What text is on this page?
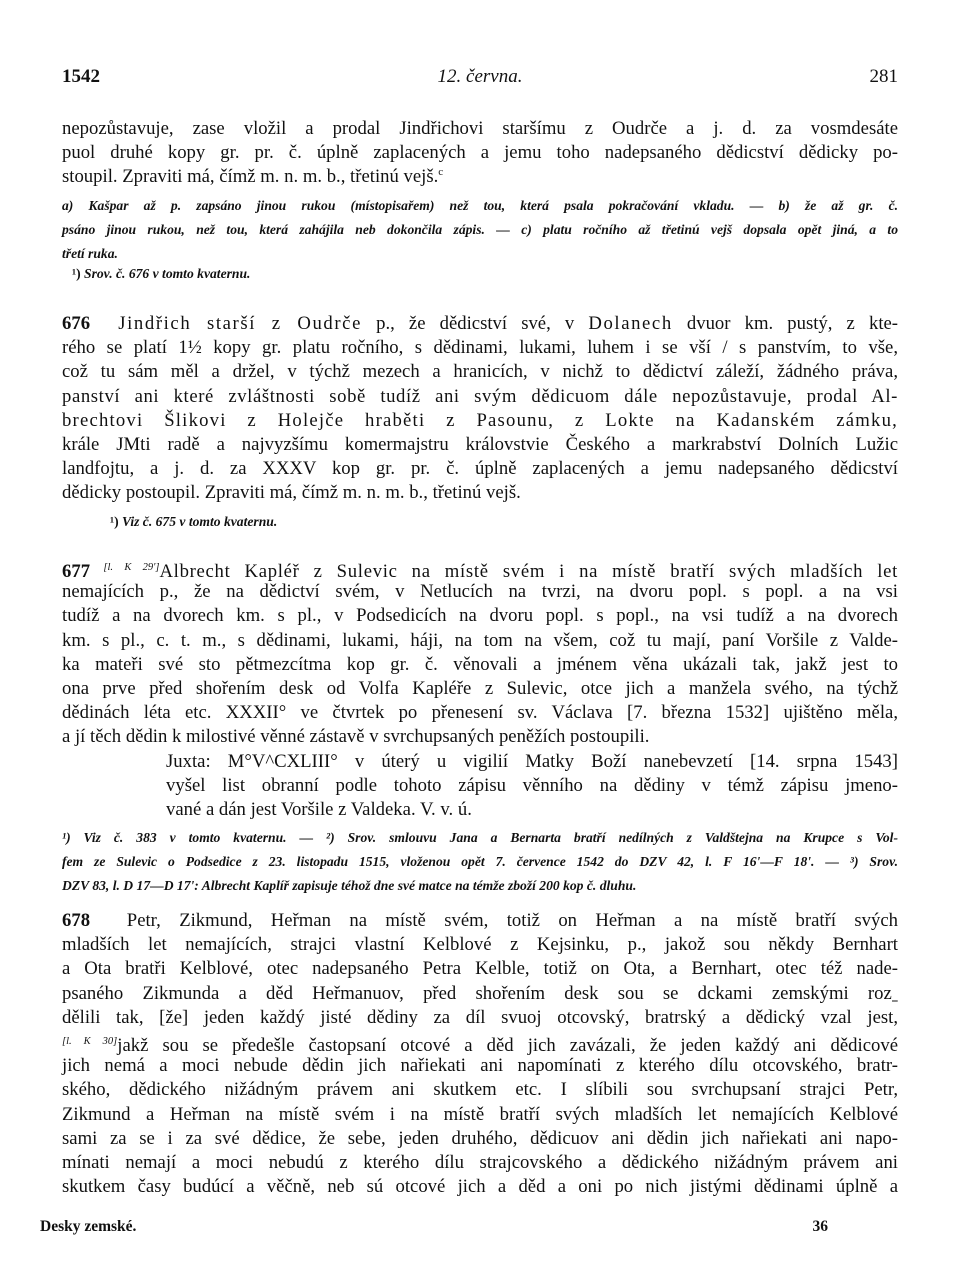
1542	12. června.	281
nepozůstavuje, zase vložil a prodal Jindřichovi staršímu z Oudrče a j. d. za vosmdesáte
puol druhé kopy gr. pr. č. úplně zaplacených a jemu toho nadepsaného dědicství dědicky po-
stoupil. Zpraviti má, čímž m. n. m. b., třetinú vejš.$^c$
a) Kašpar až p. zapsáno jinou rukou (místopisařem) než tou, která psala pokračování vkladu. — b) že až gr. č.
psáno jinou rukou, než tou, která zahájila neb dokončila zápis. — c) platu ročního až třetinú vejš dopsala opět jiná, a to
třetí ruka.
¹) Srov. č. 676 v tomto kvaternu.
676 Jindřich starší z Oudrče p., že dědicství své, v Dolanech dvuor km. pustý, z kte-
rého se platí 1½ kopy gr. platu ročního, s dědinami, lukami, luhem i se vší / s panstvím, to vše,
což tu sám měl a držel, v týchž mezech a hranicích, v nichž to dědictví záleží, žádného práva,
panství ani které zvláštnosti sobě tudíž ani svým dědicuom dále nepozůstavuje, prodal Al-
brechtovi Šlikovi z Holejče hraběti z Pasounu, z Lokte na Kadanském zámku,
krále JMti radě a najvyzšímu komermajstru královstvie Českého a markrabství Dolních Lužic
landfojtu, a j. d. za XXXV kop gr. pr. č. úplně zaplacených a jemu nadepsaného dědicství
dědicky postoupil. Zpraviti má, čímž m. n. m. b., třetinú vejš.
¹) Viz č. 675 v tomto kvaternu.
677 [l. K 29']Albrecht Kapléř z Sulevic na místě svém i na místě bratří svých mladších let
nemajících p., že na dědictví svém, v Netlucích na tvrzi, na dvoru popl. s popl. a na vsi
tudíž a na dvorech km. s pl., v Podsedicích na dvoru popl. s popl., na vsi tudíž a na dvorech
km. s pl., c. t. m., s dědinami, lukami, háji, na tom na všem, což tu mají, paní Voršile z Valde-
ka mateři své sto pětmezcítma kop gr. č. věnovali a jménem věna ukázali tak, jakž jest to
ona prve před shořením desk od Volfa Kapléře z Sulevic, otce jich a manžela svého, na týchž
dědinách léta etc. XXXII° ve čtvrtek po přenesení sv. Václava [7. března 1532] ujištěno měla,
a jí těch dědin k milostivé věnné zástavě v svrchupsaných peněžích postoupili.
Juxta: M°V^CXLIII° v úterý u vigilií Matky Boží nanebevzetí [14. srpna 1543]
vyšel list obranní podle tohoto zápisu věnního na dědiny v témž zápisu jmeno-
vané a dán jest Voršile z Valdeka. V. v. ú.
¹) Viz č. 383 v tomto kvaternu. — ²) Srov. smlouvu Jana a Bernarta bratří nedílných z Valdštejna na Krupce s Vol-
fem ze Sulevic o Podsedice z 23. listopadu 1515, vloženou opět 7. července 1542 do DZV 42, l. F 16'—F 18'. — ³) Srov.
DZV 83, l. D 17—D 17': Albrecht Kaplíř zapisuje téhož dne své matce na témže zboží 200 kop č. dluhu.
678 Petr, Zikmund, Heřman na místě svém, totiž on Heřman a na místě bratří svých
mladších let nemajících, strajci vlastní Kelblové z Kejsinku, p., jakož sou někdy Bernhart
a Ota bratři Kelblové, otec nadepsaného Petra Kelble, totiž on Ota, a Bernhart, otec též nade-
psaného Zikmunda a děd Heřmanuov, před shořením desk sou se dckami zemskými rozˍ
dělili tak, [že] jeden každý jisté dědiny za díl svuoj otcovský, bratrský a dědický vzal jest,
[l. K 30]jakž sou se předešle častopsaní otcové a děd jich zavázali, že jeden každý ani dědicové
jich nemá a moci nebude dědin jich nařiekati ani napomínati z kterého dílu otcovského, bratr-
ského, dědického nižádným právem ani skutkem etc. I slíbili sou svrchupsaní strajci Petr,
Zikmund a Heřman na místě svém i na místě bratří svých mladších let nemajících Kelblové
sami za se i za své dědice, že sebe, jeden druhého, dědicuov ani dědin jich nařiekati ani napo-
mínati nemají a moci nebudú z kterého dílu strajcovského a dědického nižádným právem ani
skutkem časy budúcí a věčně, neb sú otcové jich a děd a oni po nich jistými dědinami úplně a
Desky zemské.	36
